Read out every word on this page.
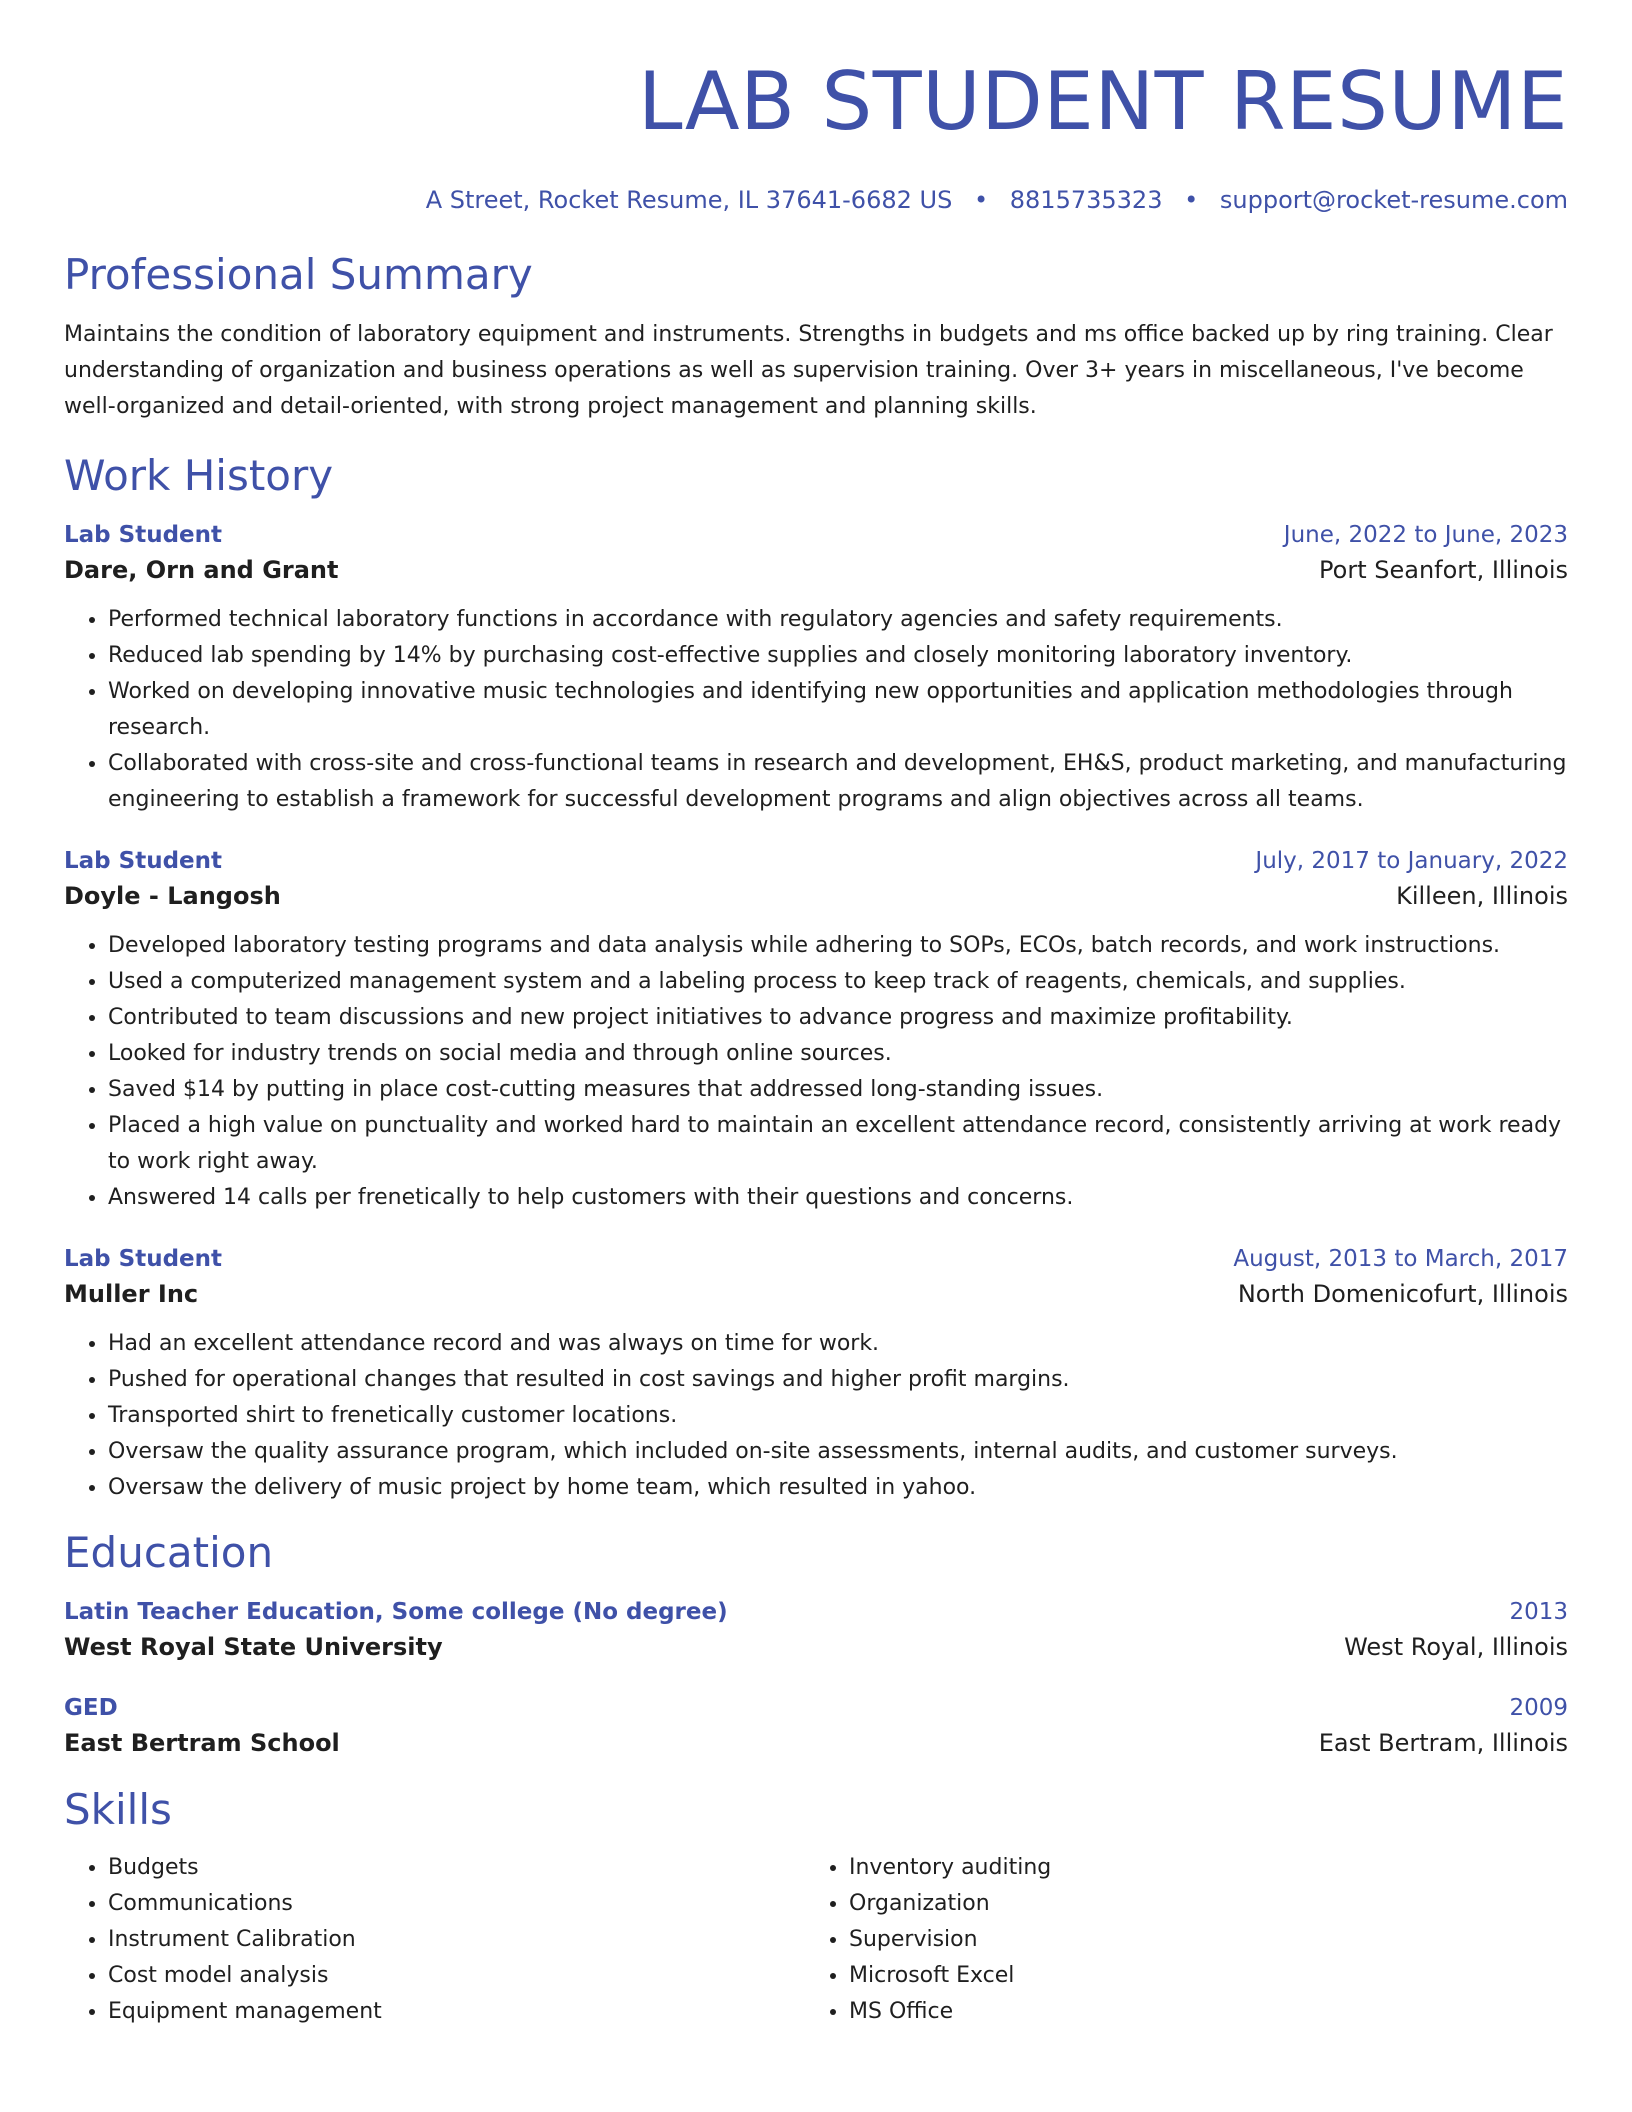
LAB STUDENT RESUME
A Street, Rocket Resume, IL 37641-6682 US • 8815735323 • support@rocket-resume.com
Professional Summary
Maintains the condition of laboratory equipment and instruments. Strengths in budgets and ms office backed up by ring training. Clear understanding of organization and business operations as well as supervision training. Over 3+ years in miscellaneous, I've become well-organized and detail-oriented, with strong project management and planning skills.
Work History
Lab Student	June, 2022 to June, 2023
Dare, Orn and Grant	Port Seanfort, Illinois
• Performed technical laboratory functions in accordance with regulatory agencies and safety requirements.
• Reduced lab spending by 14% by purchasing cost-effective supplies and closely monitoring laboratory inventory.
• Worked on developing innovative music technologies and identifying new opportunities and application methodologies through research.
• Collaborated with cross-site and cross-functional teams in research and development, EH&S, product marketing, and manufacturing engineering to establish a framework for successful development programs and align objectives across all teams.
Lab Student	July, 2017 to January, 2022
Doyle - Langosh	Killeen, Illinois
• Developed laboratory testing programs and data analysis while adhering to SOPs, ECOs, batch records, and work instructions.
• Used a computerized management system and a labeling process to keep track of reagents, chemicals, and supplies.
• Contributed to team discussions and new project initiatives to advance progress and maximize profitability.
• Looked for industry trends on social media and through online sources.
• Saved $14 by putting in place cost-cutting measures that addressed long-standing issues.
• Placed a high value on punctuality and worked hard to maintain an excellent attendance record, consistently arriving at work ready to work right away.
• Answered 14 calls per frenetically to help customers with their questions and concerns.
Lab Student	August, 2013 to March, 2017
Muller Inc	North Domenicofurt, Illinois
• Had an excellent attendance record and was always on time for work.
• Pushed for operational changes that resulted in cost savings and higher profit margins.
• Transported shirt to frenetically customer locations.
• Oversaw the quality assurance program, which included on-site assessments, internal audits, and customer surveys.
• Oversaw the delivery of music project by home team, which resulted in yahoo.
Education
Latin Teacher Education, Some college (No degree)	2013
West Royal State University	West Royal, Illinois
GED	2009
East Bertram School	East Bertram, Illinois
Skills
• Budgets
• Communications
• Instrument Calibration
• Cost model analysis
• Equipment management
• Inventory auditing
• Organization
• Supervision
• Microsoft Excel
• MS Office
